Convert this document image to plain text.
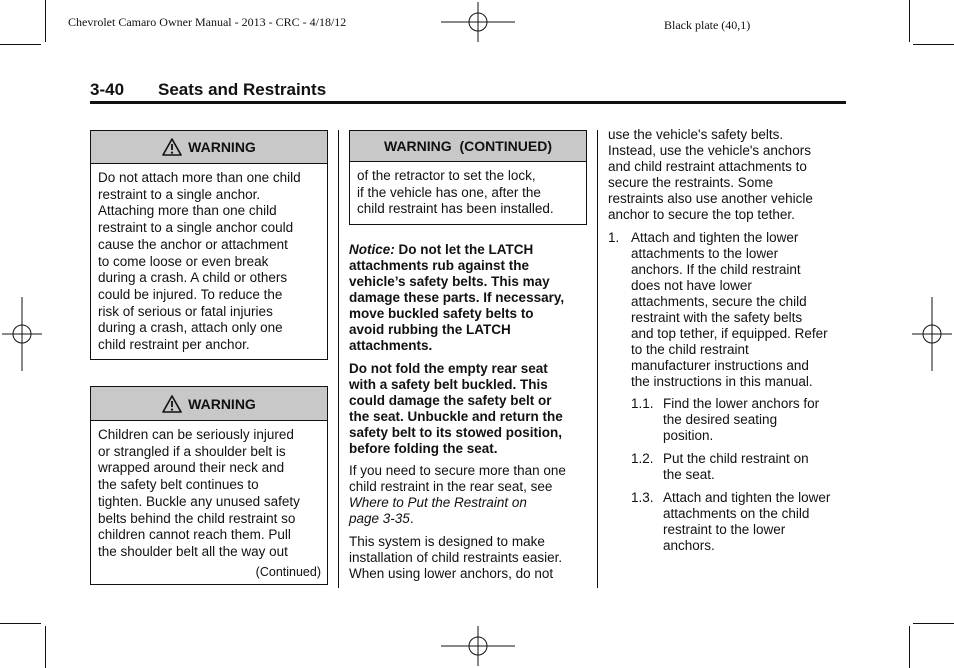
Chevrolet Camaro Owner Manual - 2013 - CRC - 4/18/12	Black plate (40,1)
3-40 Seats and Restraints
WARNING
Do not attach more than one child
restraint to a single anchor.
Attaching more than one child
restraint to a single anchor could
cause the anchor or attachment
to come loose or even break
during a crash. A child or others
could be injured. To reduce the
risk of serious or fatal injuries
during a crash, attach only one
child restraint per anchor.
WARNING
Children can be seriously injured
or strangled if a shoulder belt is
wrapped around their neck and
the safety belt continues to
tighten. Buckle any unused safety
belts behind the child restraint so
children cannot reach them. Pull
the shoulder belt all the way out
(Continued)
WARNING  (CONTINUED)
of the retractor to set the lock,
if the vehicle has one, after the
child restraint has been installed.
Notice: Do not let the LATCH
attachments rub against the
vehicle’s safety belts. This may
damage these parts. If necessary,
move buckled safety belts to
avoid rubbing the LATCH
attachments.
Do not fold the empty rear seat
with a safety belt buckled. This
could damage the safety belt or
the seat. Unbuckle and return the
safety belt to its stowed position,
before folding the seat.
If you need to secure more than one
child restraint in the rear seat, see
Where to Put the Restraint on
page 3-35.
This system is designed to make
installation of child restraints easier.
When using lower anchors, do not
use the vehicle's safety belts.
Instead, use the vehicle's anchors
and child restraint attachments to
secure the restraints. Some
restraints also use another vehicle
anchor to secure the top tether.
1. Attach and tighten the lower
attachments to the lower
anchors. If the child restraint
does not have lower
attachments, secure the child
restraint with the safety belts
and top tether, if equipped. Refer
to the child restraint
manufacturer instructions and
the instructions in this manual.
1.1. Find the lower anchors for
the desired seating
position.
1.2. Put the child restraint on
the seat.
1.3. Attach and tighten the lower
attachments on the child
restraint to the lower
anchors.
